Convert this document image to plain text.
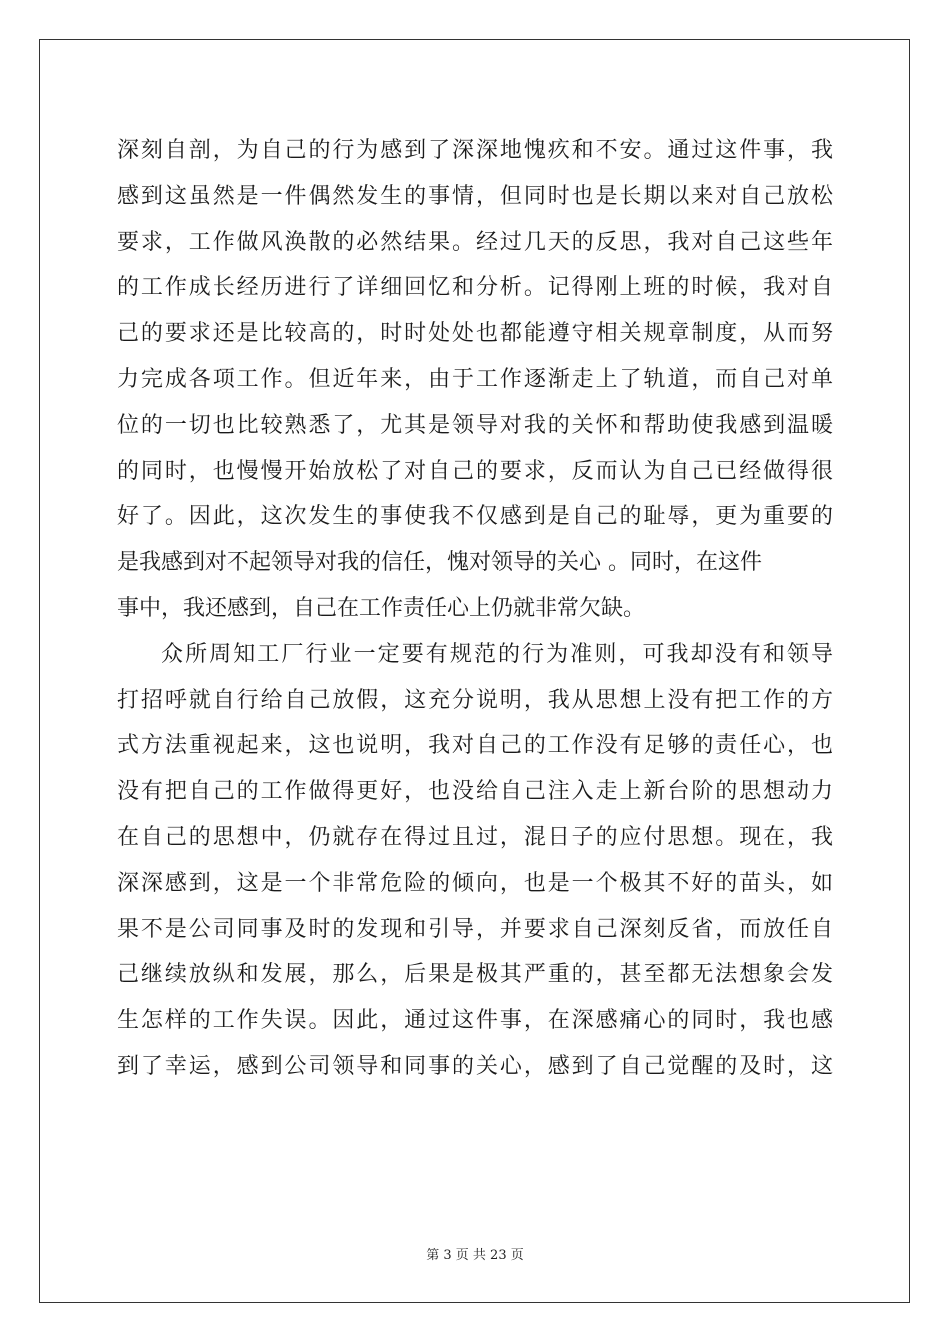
深刻自剖，为自己的行为感到了深深地愧疚和不安。通过这件事，我
感到这虽然是一件偶然发生的事情，但同时也是长期以来对自己放松
要求，工作做风涣散的必然结果。经过几天的反思，我对自己这些年
的工作成长经历进行了详细回忆和分析。记得刚上班的时候，我对自
己的要求还是比较高的，时时处处也都能遵守相关规章制度，从而努
力完成各项工作。但近年来，由于工作逐渐走上了轨道，而自己对单
位的一切也比较熟悉了，尤其是领导对我的关怀和帮助使我感到温暖
的同时，也慢慢开始放松了对自己的要求，反而认为自己已经做得很
好了。因此，这次发生的事使我不仅感到是自己的耻辱，更为重要的
是我感到对不起领导对我的信任，愧对领导的关心 。同时，在这件
事中，我还感到，自己在工作责任心上仍就非常欠缺。
众所周知工厂行业一定要有规范的行为准则，可我却没有和领导
打招呼就自行给自己放假，这充分说明，我从思想上没有把工作的方
式方法重视起来，这也说明，我对自己的工作没有足够的责任心，也
没有把自己的工作做得更好，也没给自己注入走上新台阶的思想动力
在自己的思想中，仍就存在得过且过，混日子的应付思想。现在，我
深深感到，这是一个非常危险的倾向，也是一个极其不好的苗头，如
果不是公司同事及时的发现和引导，并要求自己深刻反省，而放任自
己继续放纵和发展，那么，后果是极其严重的，甚至都无法想象会发
生怎样的工作失误。因此，通过这件事，在深感痛心的同时，我也感
到了幸运，感到公司领导和同事的关心，感到了自己觉醒的及时，这
第 3 页 共 23 页
